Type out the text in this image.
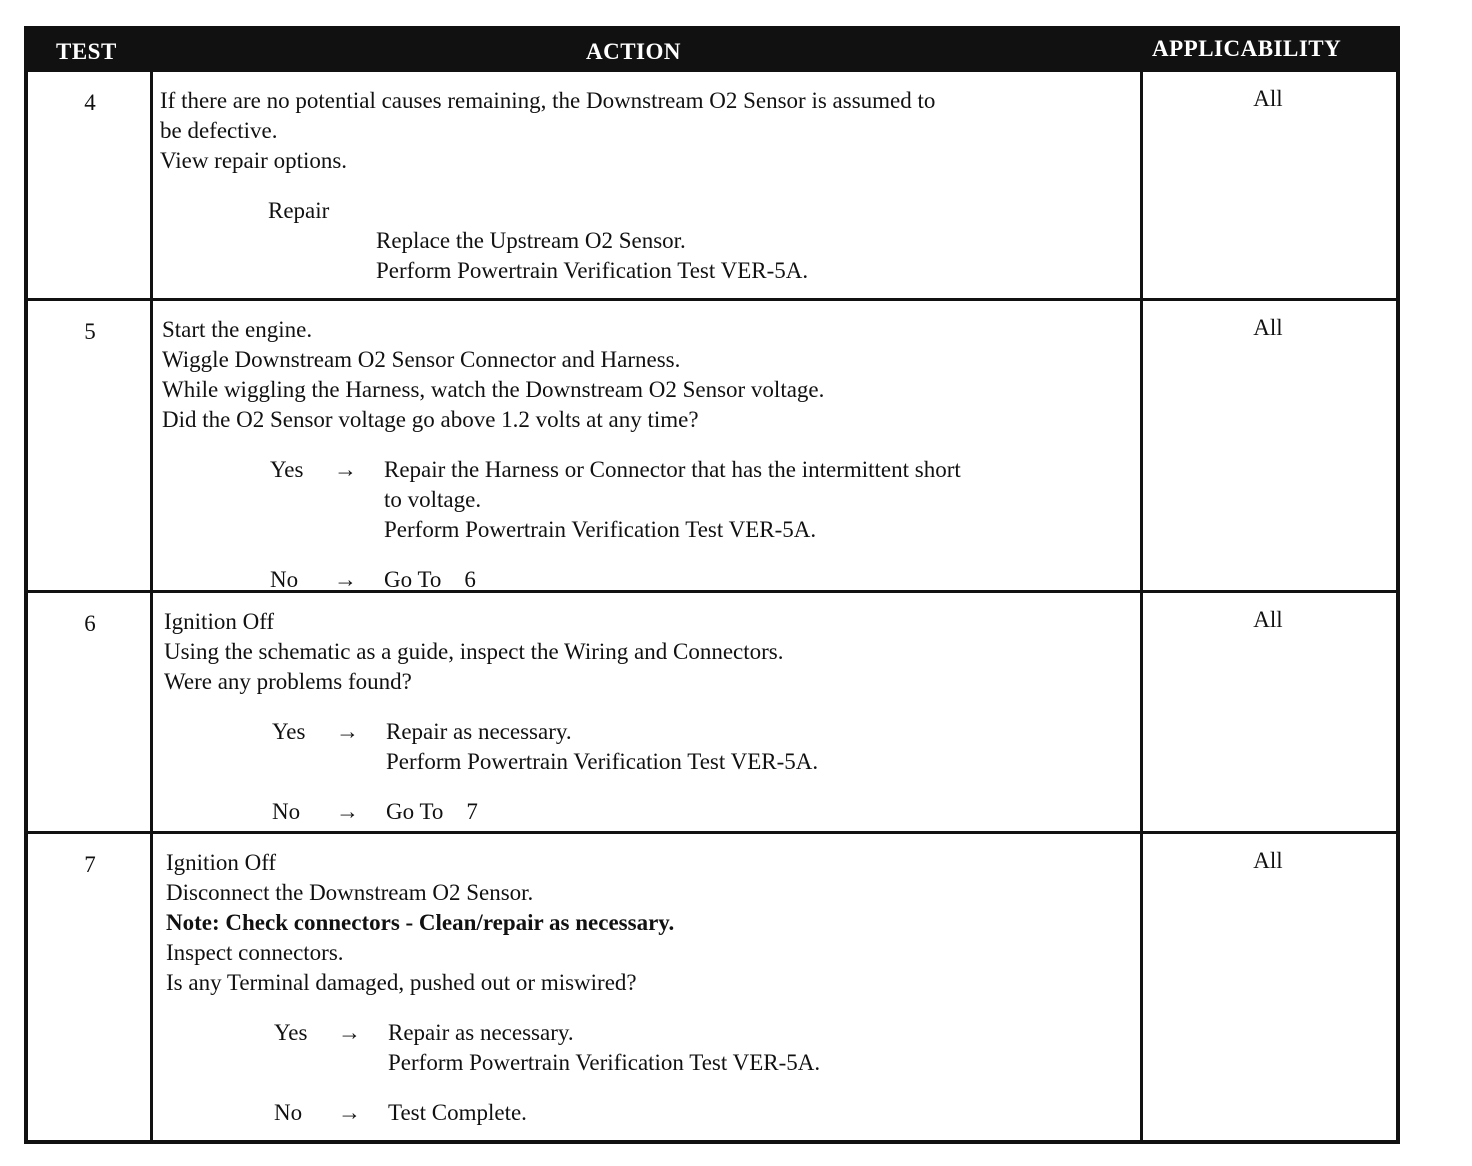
TEST	ACTION	APPLICABILITY
4	If there are no potential causes remaining, the Downstream O2 Sensor is assumed to
be defective.
View repair options.
Repair
Replace the Upstream O2 Sensor.
Perform Powertrain Verification Test VER-5A.
All
5	Start the engine.
Wiggle Downstream O2 Sensor Connector and Harness.
While wiggling the Harness, watch the Downstream O2 Sensor voltage.
Did the O2 Sensor voltage go above 1.2 volts at any time?
Yes → Repair the Harness or Connector that has the intermittent short
to voltage.
Perform Powertrain Verification Test VER-5A.
No → Go To    6
All
6	Ignition Off
Using the schematic as a guide, inspect the Wiring and Connectors.
Were any problems found?
Yes → Repair as necessary.
Perform Powertrain Verification Test VER-5A.
No → Go To    7
All
7	Ignition Off
Disconnect the Downstream O2 Sensor.
Note: Check connectors - Clean/repair as necessary.
Inspect connectors.
Is any Terminal damaged, pushed out or miswired?
Yes → Repair as necessary.
Perform Powertrain Verification Test VER-5A.
No → Test Complete.
All
